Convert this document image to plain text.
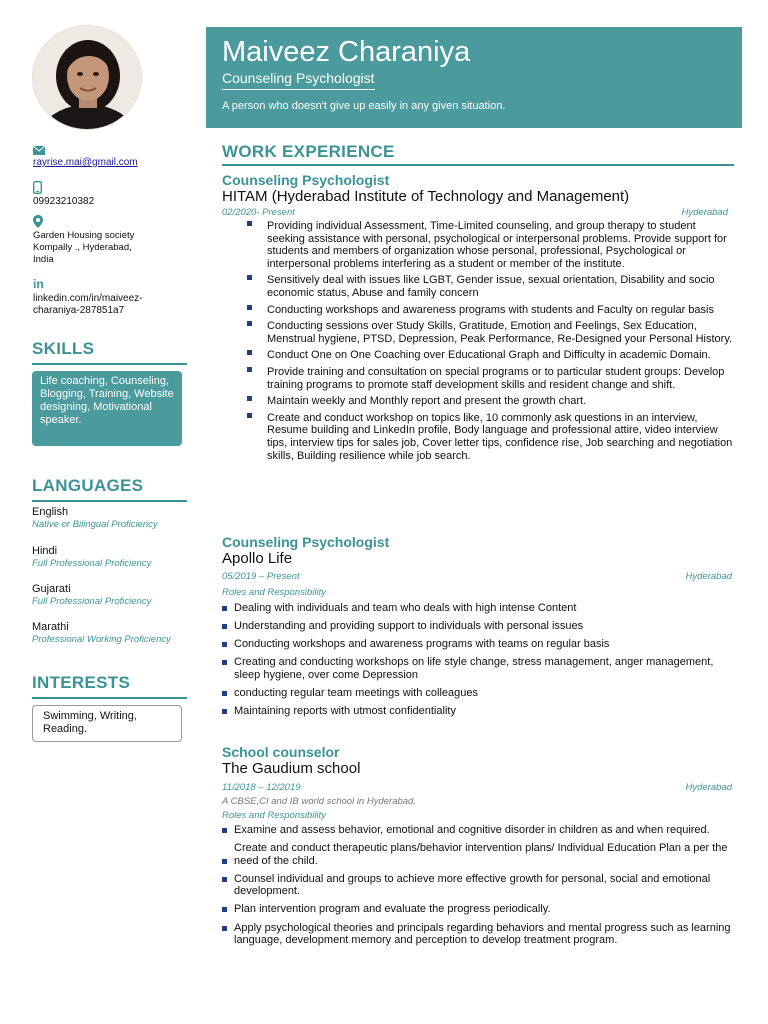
rayrise.mai@gmail.com
09923210382
Garden Housing society
Kompally ., Hyderabad,
India
in
linkedin.com/in/maiveez-
charaniya-287851a7
SKILLS
Life coaching, Counseling, Blogging, Training, Website designing, Motivational speaker.
LANGUAGES
English
Native or Bilingual Proficiency
Hindi
Full Professional Proficiency
Gujarati
Full Professional Proficiency
Marathi
Professional Working Proficiency
INTERESTS
Swimming, Writing, Reading.
Maiveez Charaniya
Counseling Psychologist
A person who doesn't give up easily in any given situation.
WORK EXPERIENCE
Counseling Psychologist
HITAM (Hyderabad Institute of Technology and Management)
02/2020- Present	Hyderabad
Providing individual Assessment, Time-Limited counseling, and group therapy to student seeking assistance with personal, psychological or interpersonal problems. Provide support for students and members of organization whose personal, professional, Psychological or interpersonal problems interfering as a student or member of the institute.
Sensitively deal with issues like LGBT, Gender issue, sexual orientation, Disability and socio economic status, Abuse and family concern
Conducting workshops and awareness programs with students and Faculty on regular basis
Conducting sessions over Study Skills, Gratitude, Emotion and Feelings, Sex Education, Menstrual hygiene, PTSD, Depression, Peak Performance, Re-Designed your Personal History.
Conduct One on One Coaching over Educational Graph and Difficulty in academic Domain.
Provide training and consultation on special programs or to particular student groups: Develop training programs to promote staff development skills and resident change and shift.
Maintain weekly and Monthly report and present the growth chart.
Create and conduct workshop on topics like, 10 commonly ask questions in an interview, Resume building and LinkedIn profile, Body language and professional attire, video interview tips, interview tips for sales job, Cover letter tips, confidence rise, Job searching and negotiation skills, Building resilience while job search.
Counseling Psychologist
Apollo Life
05/2019 – Present	Hyderabad
Roles and Responsibility
Dealing with individuals and team who deals with high intense Content
Understanding and providing support to individuals with personal issues
Conducting workshops and awareness programs with teams on regular basis
Creating and conducting workshops on life style change, stress management, anger management, sleep hygiene, over come Depression
conducting regular team meetings with colleagues
Maintaining reports with utmost confidentiality
School counselor
The Gaudium school
11/2018 – 12/2019	Hyderabad
A CBSE,CI and IB world school in Hyderabad.
Roles and Responsibility
Examine and assess behavior, emotional and cognitive disorder in children as and when required.
Create and conduct therapeutic plans/behavior intervention plans/ Individual Education Plan a per the need of the child.
Counsel individual and groups to achieve more effective growth for personal, social and emotional development.
Plan intervention program and evaluate the progress periodically.
Apply psychological theories and principals regarding behaviors and mental progress such as learning language, development memory and perception to develop treatment program.
